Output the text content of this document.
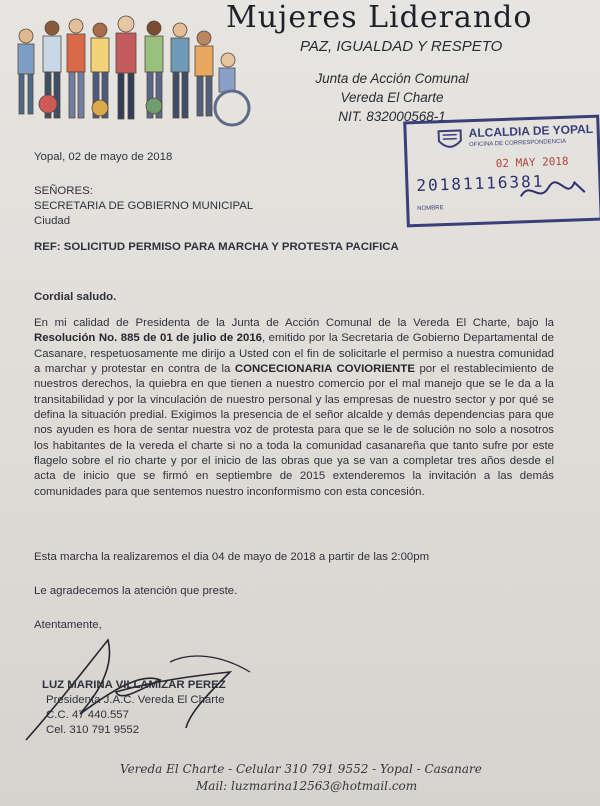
Mujeres Liderando
PAZ, IGUALDAD Y RESPETO
Junta de Acción Comunal
Vereda El Charte
NIT. 832000568-1
ALCALDIA DE YOPAL
OFICINA DE CORRESPONDENCIA
02 MAY 2018
20181116381
NOMBRE
Yopal, 02 de mayo de 2018
SEÑORES:
SECRETARIA DE GOBIERNO MUNICIPAL
Ciudad
REF: SOLICITUD PERMISO PARA MARCHA Y PROTESTA PACIFICA
Cordial saludo.
En mi calidad de Presidenta de la Junta de Acción Comunal de la Vereda El Charte, bajo la Resolución No. 885 de 01 de julio de 2016, emitido por la Secretaria de Gobierno Departamental de Casanare, respetuosamente me dirijo a Usted con el fin de solicitarle el permiso a nuestra comunidad a marchar y protestar en contra de la CONCECIONARIA COVIORIENTE por el restablecimiento de nuestros derechos, la quiebra en que tienen a nuestro comercio por el mal manejo que se le da a la transitabilidad y por la vinculación de nuestro personal y las empresas de nuestro sector y por qué se defina la situación predial. Exigimos la presencia de el señor alcalde y demás dependencias para que nos ayuden es hora de sentar nuestra voz de protesta para que se le de solución no solo a nosotros los habitantes de la vereda el charte si no a toda la comunidad casanareña que tanto sufre por este flagelo sobre el rio charte y por el inicio de las obras que ya se van a completar tres años desde el acta de inicio que se firmó en septiembre de 2015 extenderemos la invitación a las demás comunidades para que sentemos nuestro inconformismo con esta concesión.
Esta marcha la realizaremos el dia 04 de mayo de 2018 a partir de las 2:00pm
Le agradecemos la atención que preste.
Atentamente,
LUZ MARINA VILLAMIZAR PEREZ
Presidenta J.A.C. Vereda El Charte
C.C. 47 440.557
Cel. 310 791 9552
Vereda El Charte - Celular 310 791 9552 - Yopal - Casanare
Mail: luzmarina12563@hotmail.com
